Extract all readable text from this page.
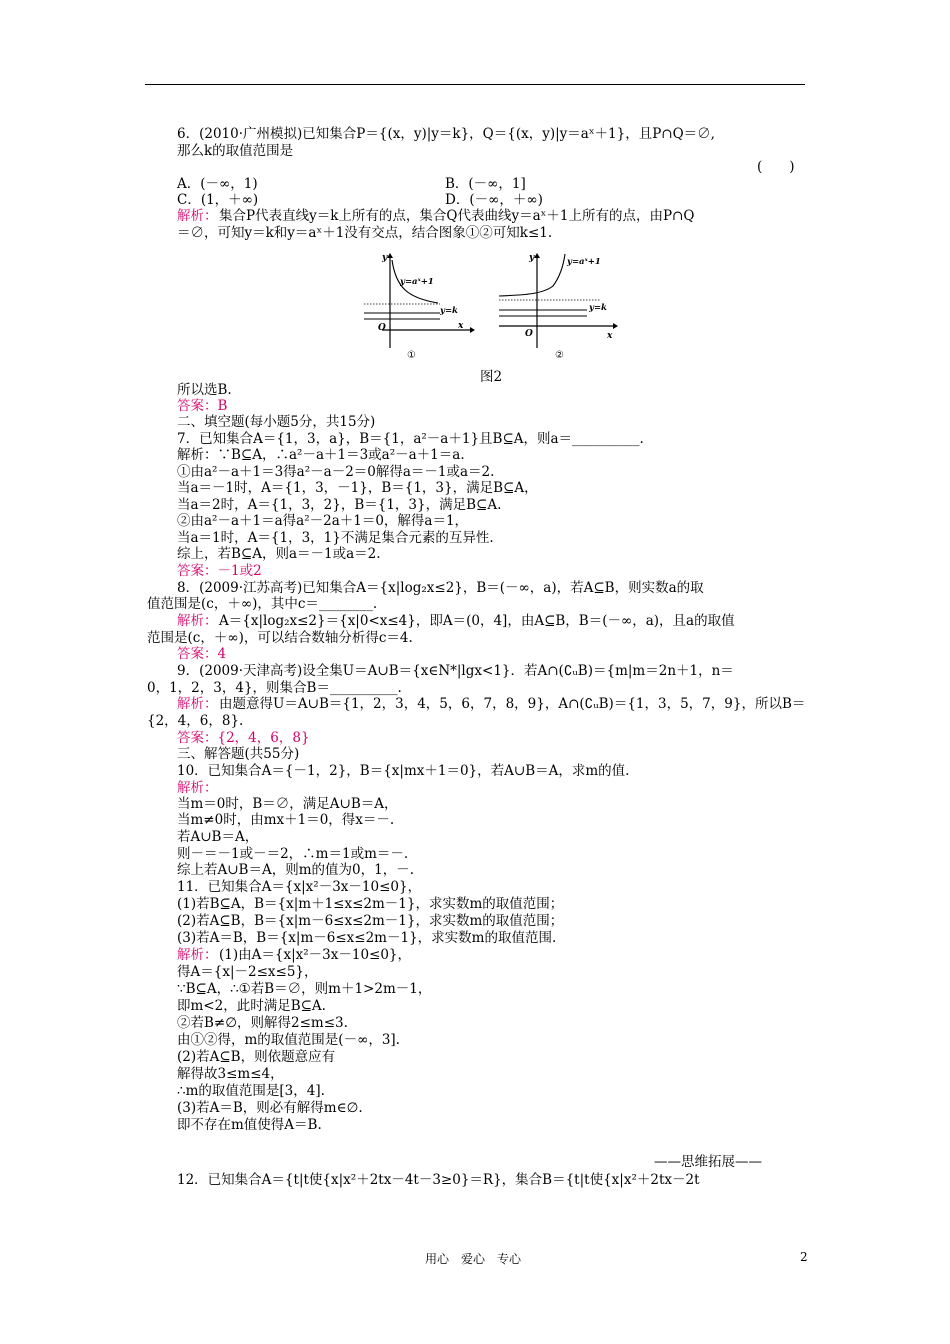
6．(2010·广州模拟)已知集合P＝{(x，y)|y＝k}，Q＝{(x，y)|y＝aˣ＋1}，且P∩Q＝∅,
那么k的取值范围是
(　　)
A．(－∞，1)	B．(－∞，1]
C．(1，＋∞)	D．(－∞，＋∞)
解析： 集合P代表直线y＝k上所有的点，集合Q代表曲线y＝aˣ＋1上所有的点，由P∩Q
＝∅，可知y＝k和y＝aˣ＋1没有交点，结合图象①②可知k≤1.
y=aˣ+1
y=k
y
x
O
①
y=aˣ+1
y=k
y
x
O
②
图2
所以选B.
答案：B
二、填空题(每小题5分，共15分)
7．已知集合A＝{1，3，a}，B＝{1，a²－a＋1}且B⊆A，则a＝__________.
解析：∵B⊆A，∴a²－a＋1＝3或a²－a＋1＝a.
①由a²－a＋1＝3得a²－a－2＝0解得a＝－1或a＝2.
当a＝－1时，A＝{1，3，－1}，B＝{1，3}，满足B⊆A，
当a＝2时，A＝{1，3，2}，B＝{1，3}，满足B⊆A.
②由a²－a＋1＝a得a²－2a＋1＝0，解得a＝1，
当a＝1时，A＝{1，3，1}不满足集合元素的互异性.
综上，若B⊆A，则a＝－1或a＝2.
答案：－1或2
8．(2009·江苏高考)已知集合A＝{x|log₂x≤2}，B＝(－∞，a)，若A⊆B，则实数a的取
值范围是(c，＋∞)，其中c＝________.
解析： A＝{x|log₂x≤2}＝{x|0<x≤4}，即A＝(0，4]，由A⊆B，B＝(－∞，a)，且a的取值
范围是(c，＋∞)，可以结合数轴分析得c＝4.
答案：4
9．(2009·天津高考)设全集U＝A∪B＝{x∈N*|lgx<1}．若A∩(∁ᵤB)＝{m|m＝2n＋1，n＝
0，1，2，3，4}，则集合B＝__________.
解析： 由题意得U＝A∪B＝{1，2，3，4，5，6，7，8，9}，A∩(∁ᵤB)＝{1，3，5，7，9}，所以B＝
{2，4，6，8}.
答案：{2，4，6，8}
三、解答题(共55分)
10．已知集合A＝{－1，2}，B＝{x|mx＋1＝0}，若A∪B＝A，求m的值.
解析：
当m＝0时，B＝∅，满足A∪B＝A，
当m≠0时，由mx＋1＝0，得x＝－.
若A∪B＝A，
则－＝－1或－＝2，∴m＝1或m＝－.
综上若A∪B＝A，则m的值为0，1，－.
11．已知集合A＝{x|x²－3x－10≤0}，
(1)若B⊆A，B＝{x|m＋1≤x≤2m－1}，求实数m的取值范围；
(2)若A⊆B，B＝{x|m－6≤x≤2m－1}，求实数m的取值范围；
(3)若A＝B，B＝{x|m－6≤x≤2m－1}，求实数m的取值范围.
解析： (1)由A＝{x|x²－3x－10≤0}，
得A＝{x|－2≤x≤5}，
∵B⊆A，∴①若B＝∅，则m＋1>2m－1，
即m<2，此时满足B⊆A.
②若B≠∅，则解得2≤m≤3.
由①②得，m的取值范围是(－∞，3].
(2)若A⊆B，则依题意应有
解得故3≤m≤4，
∴m的取值范围是[3，4].
(3)若A＝B，则必有解得m∈∅.
即不存在m值使得A＝B.
——思维拓展——
12．已知集合A＝{t|t使{x|x²＋2tx－4t－3≥0}＝R}，集合B＝{t|t使{x|x²＋2tx－2t
用心　爱心　专心	2
